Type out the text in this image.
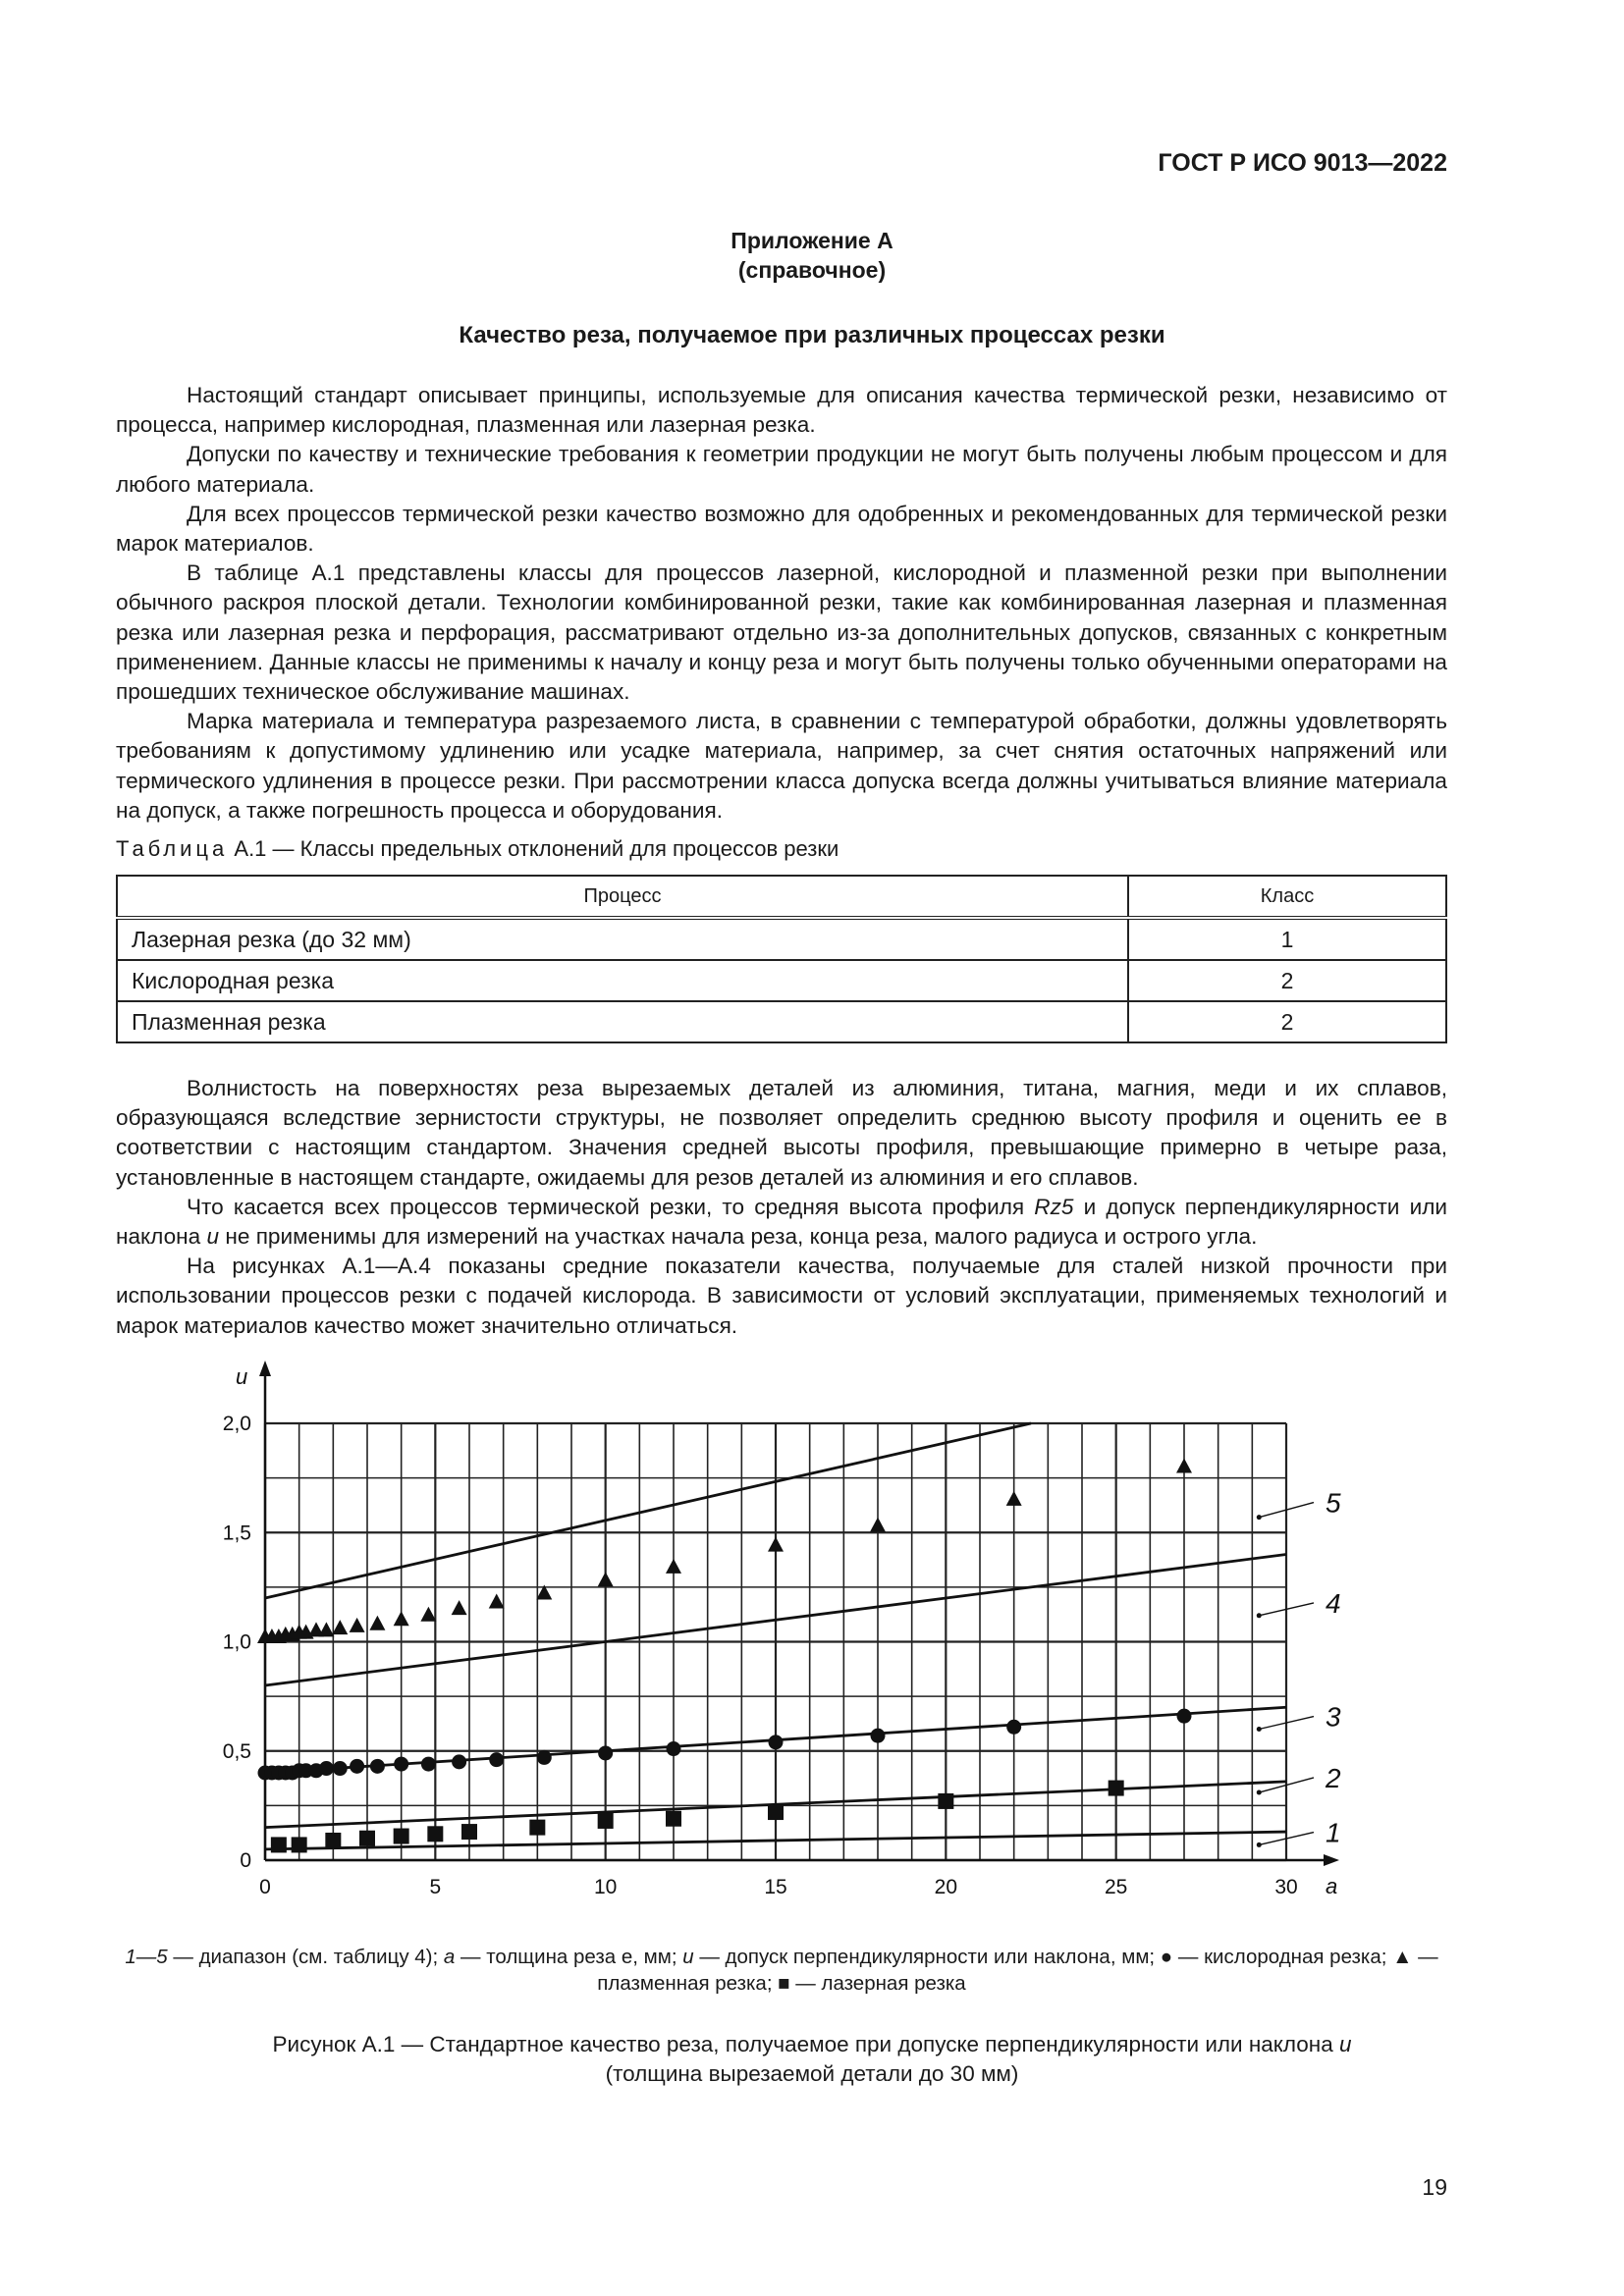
ГОСТ Р ИСО 9013—2022
Приложение А
(справочное)
Качество реза, получаемое при различных процессах резки

Настоящий стандарт описывает принципы, используемые для описания качества термической резки, независимо от процесса, например кислородная, плазменная или лазерная резка.

Допуски по качеству и технические требования к геометрии продукции не могут быть получены любым процессом и для любого материала.

Для всех процессов термической резки качество возможно для одобренных и рекомендованных для термической резки марок материалов.

В таблице А.1 представлены классы для процессов лазерной, кислородной и плазменной резки при выполнении обычного раскроя плоской детали. Технологии комбинированной резки, такие как комбинированная лазерная и плазменная резка или лазерная резка и перфорация, рассматривают отдельно из-за дополнительных допусков, связанных с конкретным применением. Данные классы не применимы к началу и концу реза и могут быть получены только обученными операторами на прошедших техническое обслуживание машинах.

Марка материала и температура разрезаемого листа, в сравнении с температурой обработки, должны удовлетворять требованиям к допустимому удлинению или усадке материала, например, за счет снятия остаточных напряжений или термического удлинения в процессе резки. При рассмотрении класса допуска всегда должны учитываться влияние материала на допуск, а также погрешность процесса и оборудования.

Таблица А.1 — Классы предельных отклонений для процессов резки
Процесс	Класс
Лазерная резка (до 32 мм)	1
Кислородная резка	2
Плазменная резка	2

Волнистость на поверхностях реза вырезаемых деталей из алюминия, титана, магния, меди и их сплавов, образующаяся вследствие зернистости структуры, не позволяет определить среднюю высоту профиля и оценить ее в соответствии с настоящим стандартом. Значения средней высоты профиля, превышающие примерно в четыре раза, установленные в настоящем стандарте, ожидаемы для резов деталей из алюминия и его сплавов.

Что касается всех процессов термической резки, то средняя высота профиля Rz5 и допуск перпендикулярности или наклона u не применимы для измерений на участках начала реза, конца реза, малого радиуса и острого угла.

На рисунках А.1—А.4 показаны средние показатели качества, получаемые для сталей низкой прочности при использовании процессов резки с подачей кислорода. В зависимости от условий эксплуатации, применяемых технологий и марок материалов качество может значительно отличаться.

0	5	10	15	20	25	30
0
0,5
1,0
1,5
2,0
a
u
1
2
3
4
5
1—5 — диапазон (см. таблицу 4); a — толщина реза e, мм; u — допуск перпендикулярности или наклона, мм; ● — кислородная резка; ▲ — плазменная резка; ■ — лазерная резка
Рисунок А.1 — Стандартное качество реза, получаемое при допуске перпендикулярности или наклона u
(толщина вырезаемой детали до 30 мм)
19
